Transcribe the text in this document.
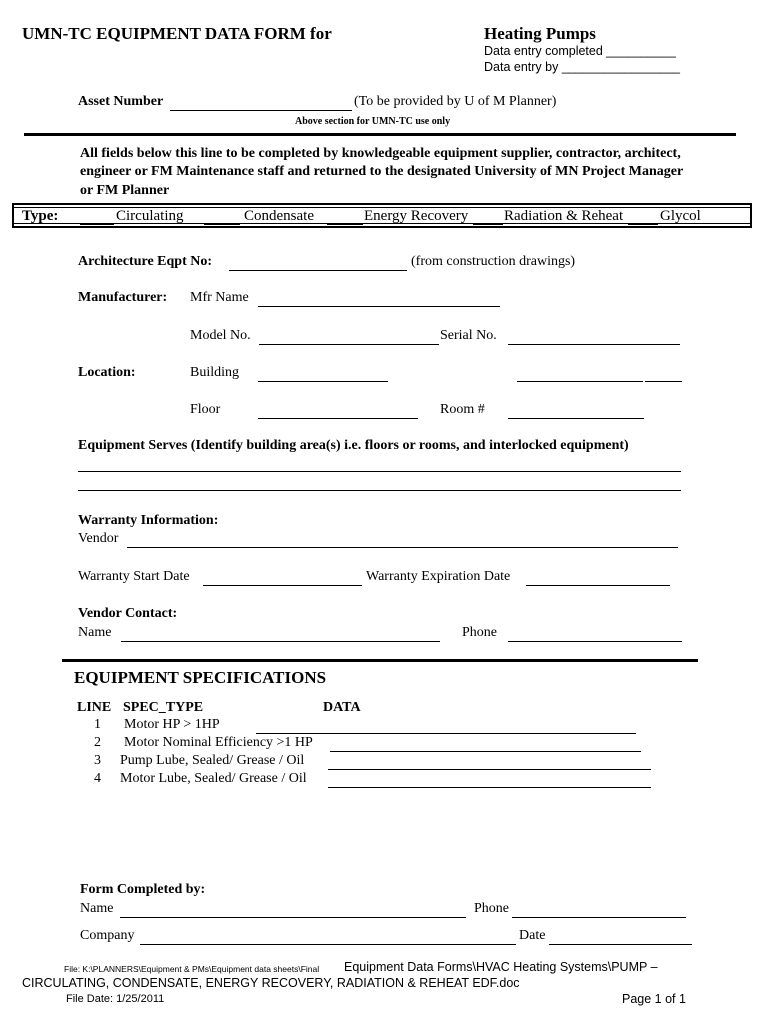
UMN-TC EQUIPMENT DATA FORM for	Heating Pumps
Data entry completed __________
Data entry by _________________
Asset Number	(To be provided by U of M Planner)
Above section for UMN-TC use only
All fields below this line to be completed by knowledgeable equipment supplier, contractor, architect,
engineer or FM Maintenance staff and returned to the designated University of MN Project Manager
or FM Planner
Type:	Circulating	Condensate	Energy Recovery Radiation & Reheat Glycol
Architecture Eqpt No:	(from construction drawings)
Manufacturer: Mfr Name
Model No.	Serial No.
Location:	Building
Floor	Room #
Equipment Serves (Identify building area(s) i.e. floors or rooms, and interlocked equipment)
Warranty Information:
Vendor
Warranty Start Date	Warranty Expiration Date
Vendor Contact:
Name	Phone
EQUIPMENT SPECIFICATIONS
LINE SPEC_TYPE	DATA
1 Motor HP > 1HP
2 Motor Nominal Efficiency >1 HP
3 Pump Lube, Sealed/ Grease / Oil
4 Motor Lube, Sealed/ Grease / Oil
Form Completed by:
Name	Phone
Company	Date
File: K:\PLANNERS\Equipment & PMs\Equipment data sheets\Final Equipment Data Forms\HVAC Heating Systems\PUMP –
CIRCULATING, CONDENSATE, ENERGY RECOVERY, RADIATION & REHEAT EDF.doc
File Date: 1/25/2011	Page 1 of 1
